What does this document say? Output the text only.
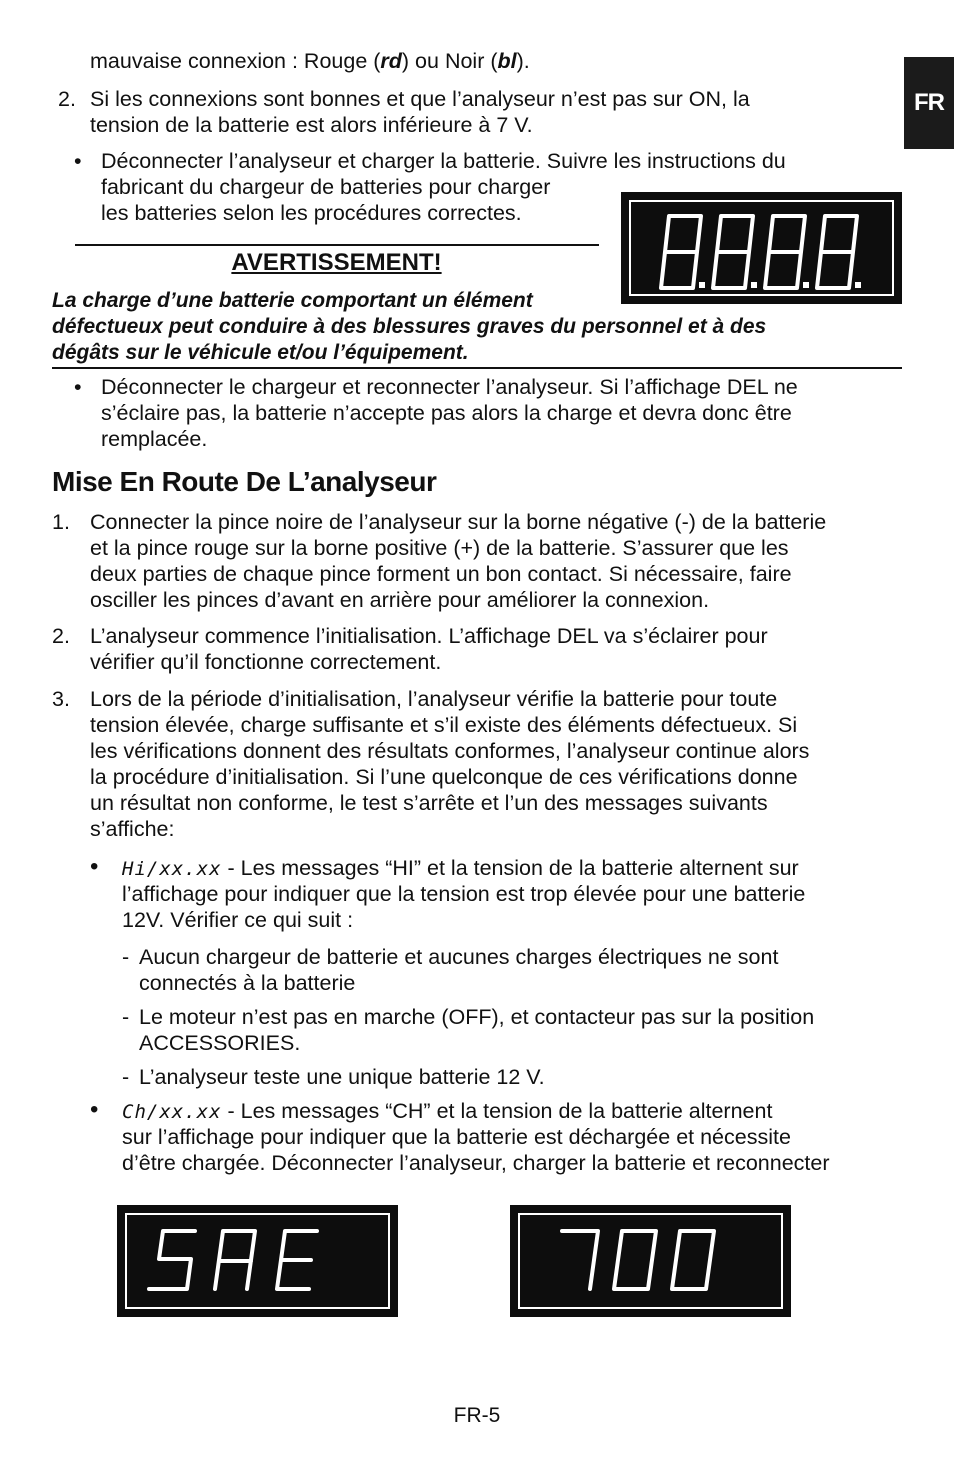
FR
mauvaise connexion : Rouge (rd) ou Noir (bl).
2. Si les connexions sont bonnes et que l’analyseur n’est pas sur ON, la
tension de la batterie est alors inférieure à 7 V.
• Déconnecter l’analyseur et charger la batterie. Suivre les instructions du
fabricant du chargeur de batteries pour charger
les batteries selon les procédures correctes.
AVERTISSEMENT!
La charge d’une batterie comportant un élément
défectueux peut conduire à des blessures graves du personnel et à des
dégâts sur le véhicule et/ou l’équipement.
• Déconnecter le chargeur et reconnecter l’analyseur. Si l’affichage DEL ne
s’éclaire pas, la batterie n’accepte pas alors la charge et devra donc être
remplacée.
Mise En Route De L’analyseur
1. Connecter la pince noire de l’analyseur sur la borne négative (-) de la batterie
et la pince rouge sur la borne positive (+) de la batterie. S’assurer que les
deux parties de chaque pince forment un bon contact. Si nécessaire, faire
osciller les pinces d’avant en arrière pour améliorer la connexion.
2. L’analyseur commence l’initialisation. L’affichage DEL va s’éclairer pour
vérifier qu’il fonctionne correctement.
3. Lors de la période d’initialisation, l’analyseur vérifie la batterie pour toute
tension élevée, charge suffisante et s’il existe des éléments défectueux. Si
les vérifications donnent des résultats conformes, l’analyseur continue alors
la procédure d’initialisation. Si l’une quelconque de ces vérifications donne
un résultat non conforme, le test s’arrête et l’un des messages suivants
s’affiche:
•	Hi/xx.xx - Les messages “HI” et la tension de la batterie alternent sur
l’affichage pour indiquer que la tension est trop élevée pour une batterie
12V. Vérifier ce qui suit :
- Aucun chargeur de batterie et aucunes charges électriques ne sont
connectés à la batterie
- Le moteur n’est pas en marche (OFF), et contacteur pas sur la position
ACCESSORIES.
- L’analyseur teste une unique batterie 12 V.
•	Ch/xx.xx - Les messages “CH” et la tension de la batterie alternent
sur l’affichage pour indiquer que la batterie est déchargée et nécessite
d’être chargée. Déconnecter l’analyseur, charger la batterie et reconnecter
FR-5
